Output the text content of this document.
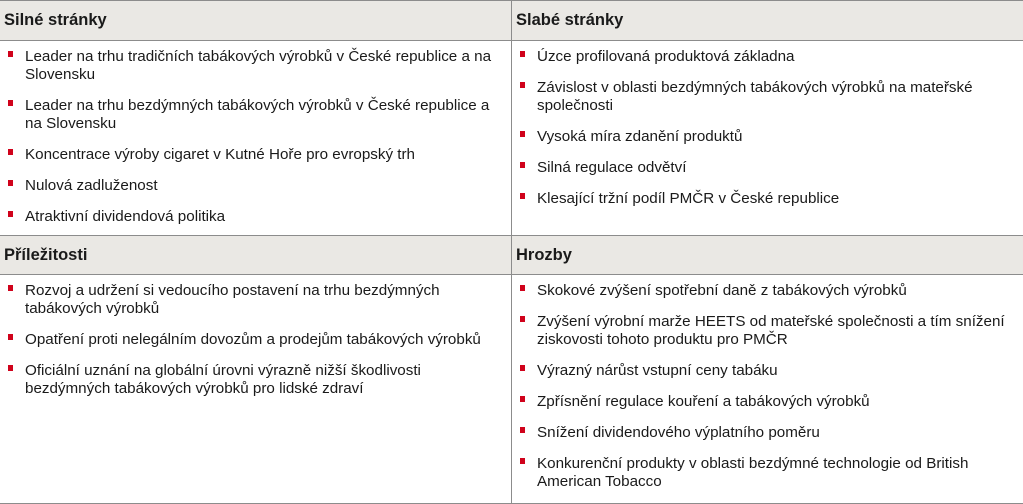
Silné stránky	Slabé stránky
Leader na trhu tradičních tabákových výrobků v České republice a na Slovensku
Leader na trhu bezdýmných tabákových výrobků v České republice a na Slovensku
Koncentrace výroby cigaret v Kutné Hoře pro evropský trh
Nulová zadluženost
Atraktivní dividendová politika
Úzce profilovaná produktová základna
Závislost v oblasti bezdýmných tabákových výrobků na mateřské společnosti
Vysoká míra zdanění produktů
Silná regulace odvětví
Klesající tržní podíl PMČR v České republice
Příležitosti	Hrozby
Rozvoj a udržení si vedoucího postavení na trhu bezdýmných tabákových výrobků
Opatření proti nelegálním dovozům a prodejům tabákových výrobků
Oficiální uznání na globální úrovni výrazně nižší škodlivosti bezdýmných tabákových výrobků pro lidské zdraví
Skokové zvýšení spotřební daně z tabákových výrobků
Zvýšení výrobní marže HEETS od mateřské společnosti a tím snížení ziskovosti tohoto produktu pro PMČR
Výrazný nárůst vstupní ceny tabáku
Zpřísnění regulace kouření a tabákových výrobků
Snížení dividendového výplatního poměru
Konkurenční produkty v oblasti bezdýmné technologie od British American Tobacco
